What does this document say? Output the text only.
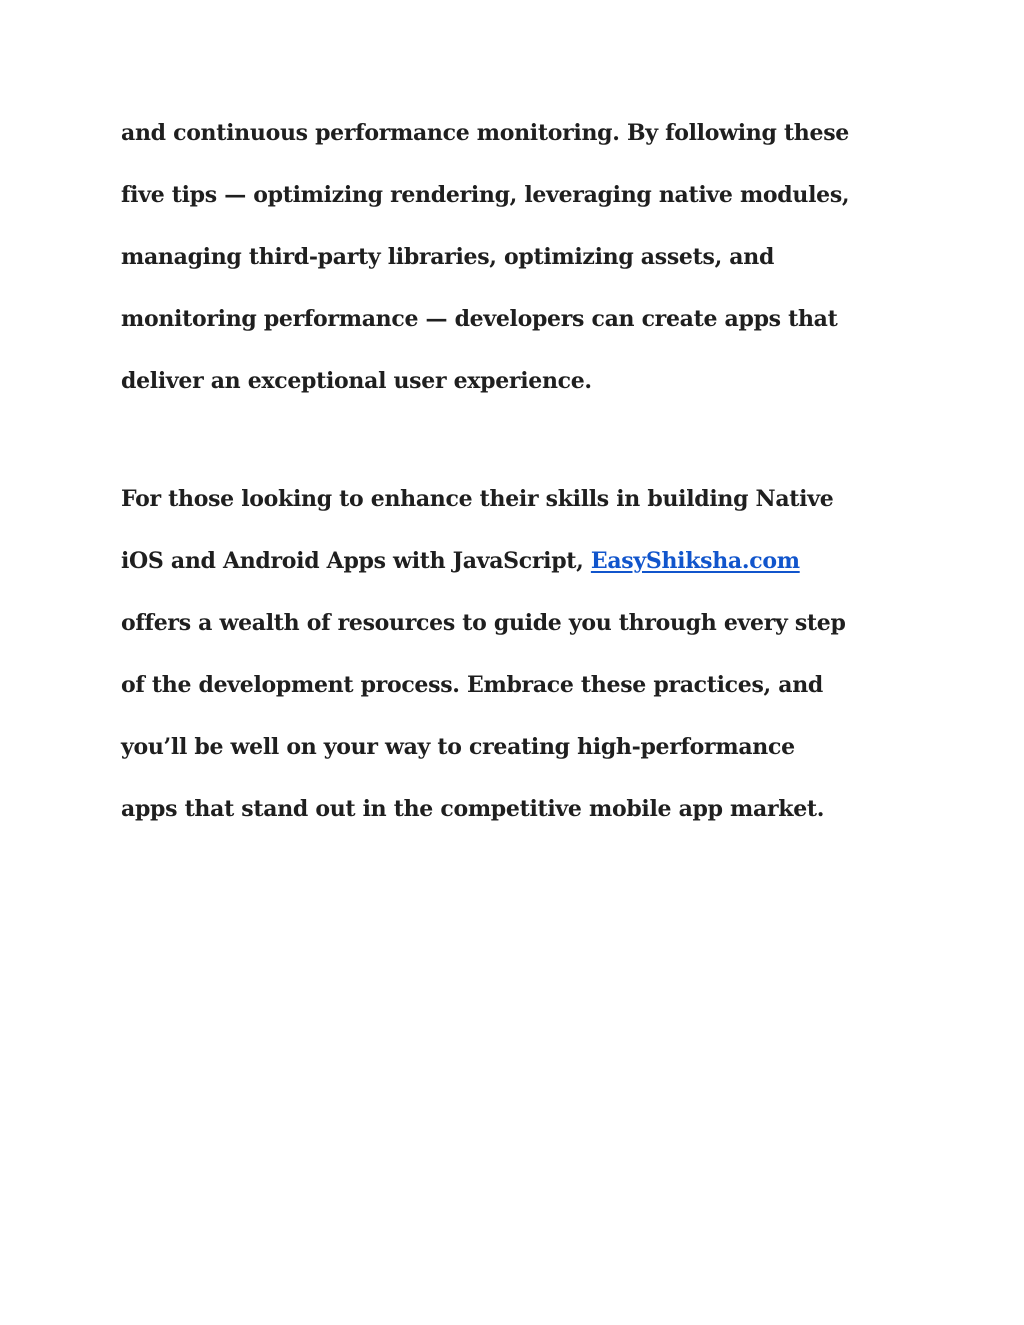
and continuous performance monitoring. By following these
five tips — optimizing rendering, leveraging native modules,
managing third-party libraries, optimizing assets, and
monitoring performance — developers can create apps that
deliver an exceptional user experience.
For those looking to enhance their skills in building Native
iOS and Android Apps with JavaScript, EasyShiksha.com
offers a wealth of resources to guide you through every step
of the development process. Embrace these practices, and
you’ll be well on your way to creating high-performance
apps that stand out in the competitive mobile app market.
